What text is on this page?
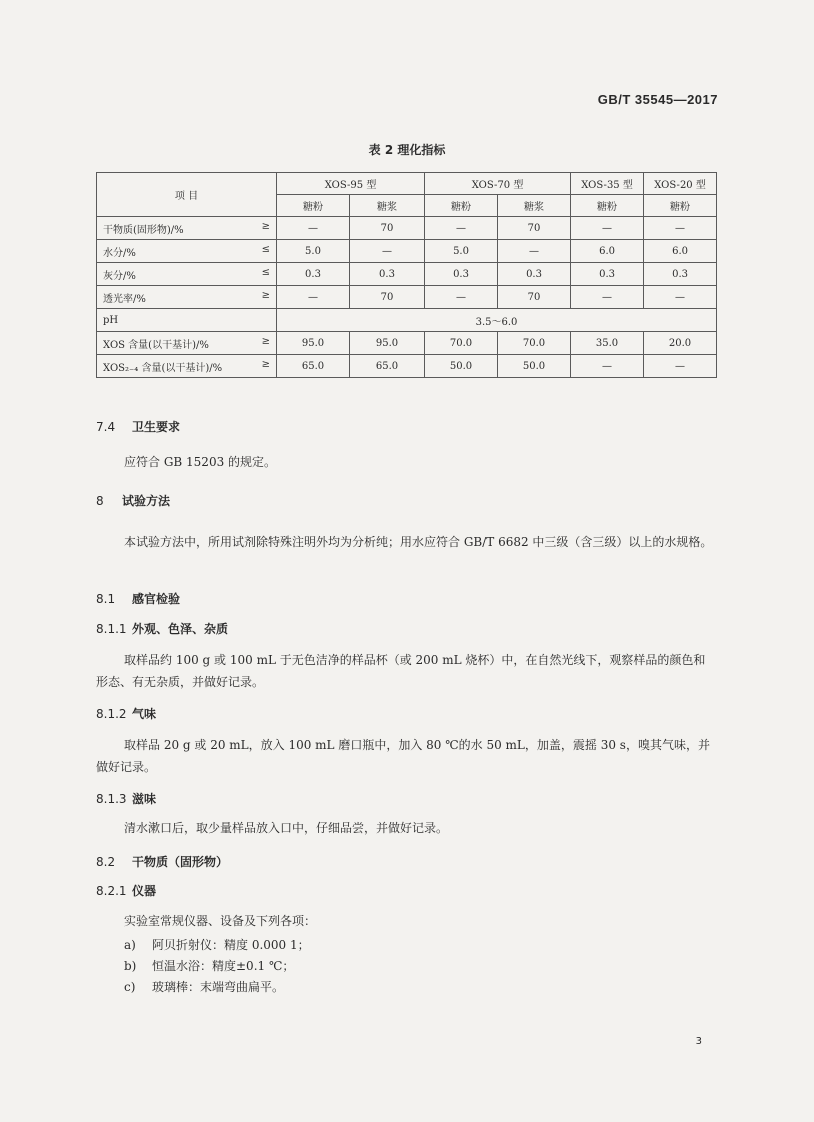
GB/T 35545—2017
表 2 理化指标
项 目	XOS-95 型		XOS-70 型		XOS-35 型	XOS-20 型
	糖粉	糖浆	糖粉	糖浆	糖粉	糖粉
干物质(固形物)/% ≥	—	70	—	70	—	—
水分/% ≤	5.0	—	5.0	—	6.0	6.0
灰分/% ≤	0.3	0.3	0.3	0.3	0.3	0.3
透光率/% ≥	—	70	—	70	—	—
pH	3.5～6.0					
XOS 含量(以干基计)/% ≥	95.0	95.0	70.0	70.0	35.0	20.0
XOS₂₋₄ 含量(以干基计)/% ≥	65.0	65.0	50.0	50.0	—	—
7.4 卫生要求
应符合 GB 15203 的规定。
8 试验方法
本试验方法中，所用试剂除特殊注明外均为分析纯；用水应符合 GB/T 6682 中三级（含三级）以上的水规格。
8.1 感官检验
8.1.1 外观、色泽、杂质
取样品约 100 g 或 100 mL 于无色洁净的样品杯（或 200 mL 烧杯）中，在自然光线下，观察样品的颜色和形态、有无杂质，并做好记录。
8.1.2 气味
取样品 20 g 或 20 mL，放入 100 mL 磨口瓶中，加入 80 ℃的水 50 mL，加盖，震摇 30 s，嗅其气味，并做好记录。
8.1.3 滋味
清水漱口后，取少量样品放入口中，仔细品尝，并做好记录。
8.2 干物质（固形物）
8.2.1 仪器
实验室常规仪器、设备及下列各项：
a) 阿贝折射仪：精度 0.000 1；
b) 恒温水浴：精度±0.1 ℃；
c) 玻璃棒：末端弯曲扁平。
3
